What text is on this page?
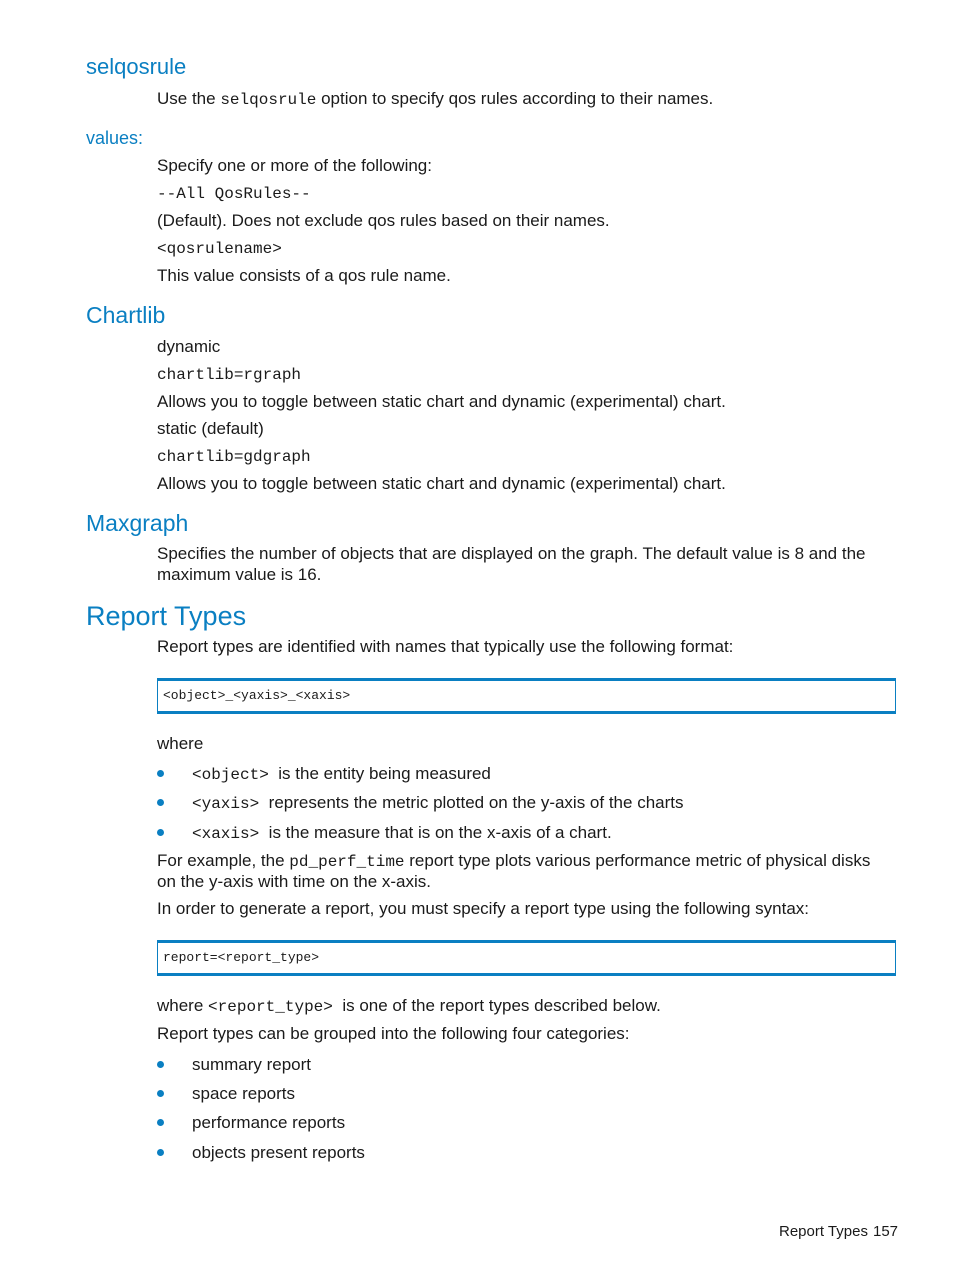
selqosrule
Use the selqosrule option to specify qos rules according to their names.
values:
Specify one or more of the following:
--All QosRules--
(Default). Does not exclude qos rules based on their names.
<qosrulename>
This value consists of a qos rule name.
Chartlib
dynamic
chartlib=rgraph
Allows you to toggle between static chart and dynamic (experimental) chart.
static (default)
chartlib=gdgraph
Allows you to toggle between static chart and dynamic (experimental) chart.
Maxgraph
Specifies the number of objects that are displayed on the graph. The default value is 8 and the
maximum value is 16.
Report Types
Report types are identified with names that typically use the following format:
<object>_<yaxis>_<xaxis>
where
<object> is the entity being measured
<yaxis> represents the metric plotted on the y-axis of the charts
<xaxis> is the measure that is on the x-axis of a chart.
For example, the pd_perf_time report type plots various performance metric of physical disks
on the y-axis with time on the x-axis.
In order to generate a report, you must specify a report type using the following syntax:
report=<report_type>
where <report_type> is one of the report types described below.
Report types can be grouped into the following four categories:
summary report
space reports
performance reports
objects present reports
Report Types 157
